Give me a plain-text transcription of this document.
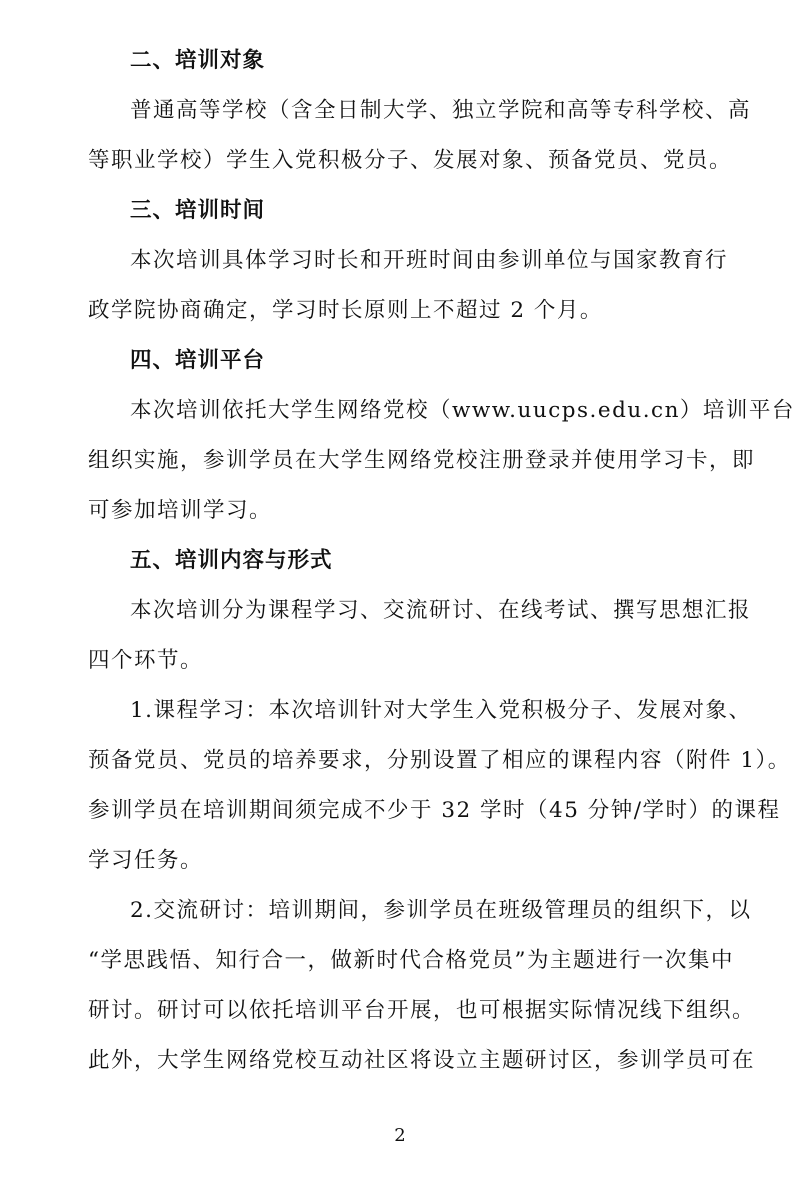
二、培训对象
普通高等学校（含全日制大学、独立学院和高等专科学校、高
等职业学校）学生入党积极分子、发展对象、预备党员、党员。
三、培训时间
本次培训具体学习时长和开班时间由参训单位与国家教育行
政学院协商确定，学习时长原则上不超过 2 个月。
四、培训平台
本次培训依托大学生网络党校（www.uucps.edu.cn）培训平台
组织实施，参训学员在大学生网络党校注册登录并使用学习卡，即
可参加培训学习。
五、培训内容与形式
本次培训分为课程学习、交流研讨、在线考试、撰写思想汇报
四个环节。
1.课程学习：本次培训针对大学生入党积极分子、发展对象、
预备党员、党员的培养要求，分别设置了相应的课程内容（附件 1）。
参训学员在培训期间须完成不少于 32 学时（45 分钟/学时）的课程
学习任务。
2.交流研讨：培训期间，参训学员在班级管理员的组织下，以
“学思践悟、知行合一，做新时代合格党员”为主题进行一次集中
研讨。研讨可以依托培训平台开展，也可根据实际情况线下组织。
此外，大学生网络党校互动社区将设立主题研讨区，参训学员可在
2
